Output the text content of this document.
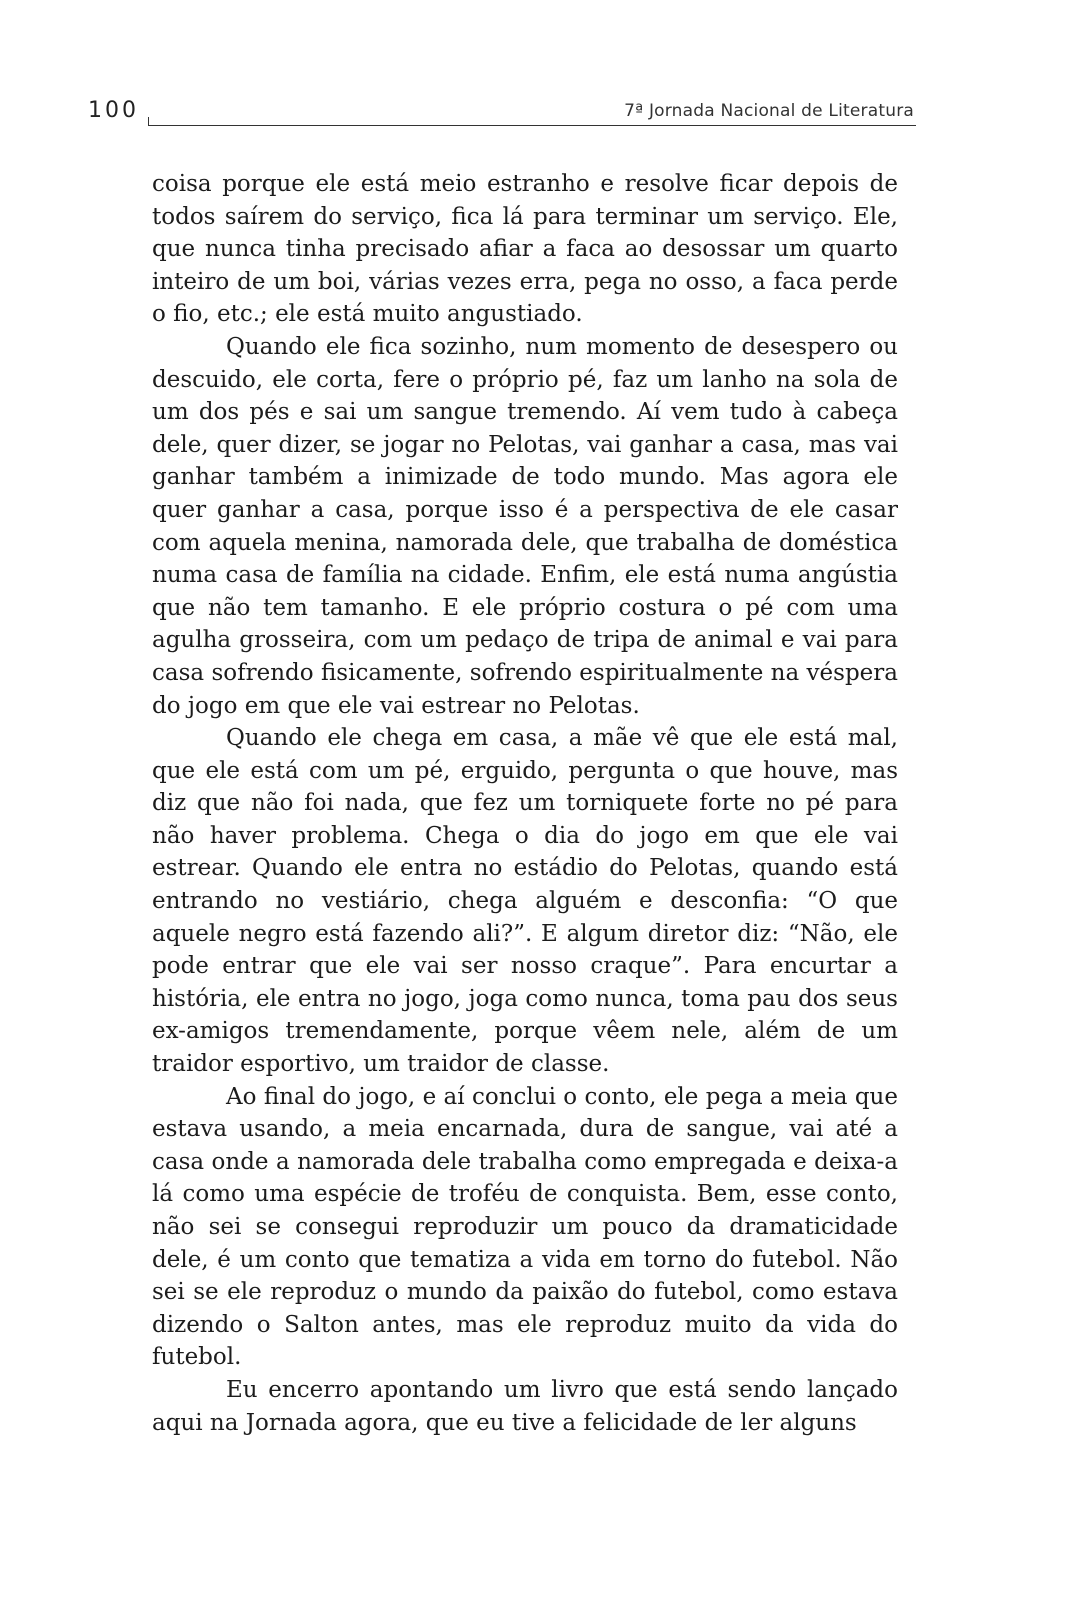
100	7ª Jornada Nacional de Literatura

coisa porque ele está meio estranho e resolve ficar depois de todos saírem do serviço, fica lá para terminar um serviço. Ele, que nunca tinha precisado afiar a faca ao desossar um quarto inteiro de um boi, várias vezes erra, pega no osso, a faca perde o fio, etc.; ele está muito angustiado.

Quando ele fica sozinho, num momento de desespero ou descuido, ele corta, fere o próprio pé, faz um lanho na sola de um dos pés e sai um sangue tremendo. Aí vem tudo à cabeça dele, quer dizer, se jogar no Pelotas, vai ganhar a casa, mas vai ganhar também a inimizade de todo mundo. Mas agora ele quer ganhar a casa, porque isso é a perspectiva de ele casar com aquela menina, namorada dele, que trabalha de doméstica numa casa de família na cidade. Enfim, ele está numa angústia que não tem tamanho. E ele próprio costura o pé com uma agulha grosseira, com um pedaço de tripa de animal e vai para casa sofrendo fisicamente, sofrendo espiritualmente na véspera do jogo em que ele vai estrear no Pelotas.

Quando ele chega em casa, a mãe vê que ele está mal, que ele está com um pé, erguido, pergunta o que houve, mas diz que não foi nada, que fez um torniquete forte no pé para não haver problema. Chega o dia do jogo em que ele vai estrear. Quando ele entra no estádio do Pelotas, quando está entrando no vestiário, chega alguém e desconfia: “O que aquele negro está fazendo ali?”. E algum diretor diz: “Não, ele pode entrar que ele vai ser nosso craque”. Para encurtar a história, ele entra no jogo, joga como nunca, toma pau dos seus ex-amigos tremendamente, porque vêem nele, além de um traidor esportivo, um traidor de classe.

Ao final do jogo, e aí conclui o conto, ele pega a meia que estava usando, a meia encarnada, dura de sangue, vai até a casa onde a namorada dele trabalha como empregada e deixa-a lá como uma espécie de troféu de conquista. Bem, esse conto, não sei se consegui reproduzir um pouco da dramaticidade dele, é um conto que tematiza a vida em torno do futebol. Não sei se ele reproduz o mundo da paixão do futebol, como estava dizendo o Salton antes, mas ele reproduz muito da vida do futebol.

Eu encerro apontando um livro que está sendo lançado aqui na Jornada agora, que eu tive a felicidade de ler alguns
